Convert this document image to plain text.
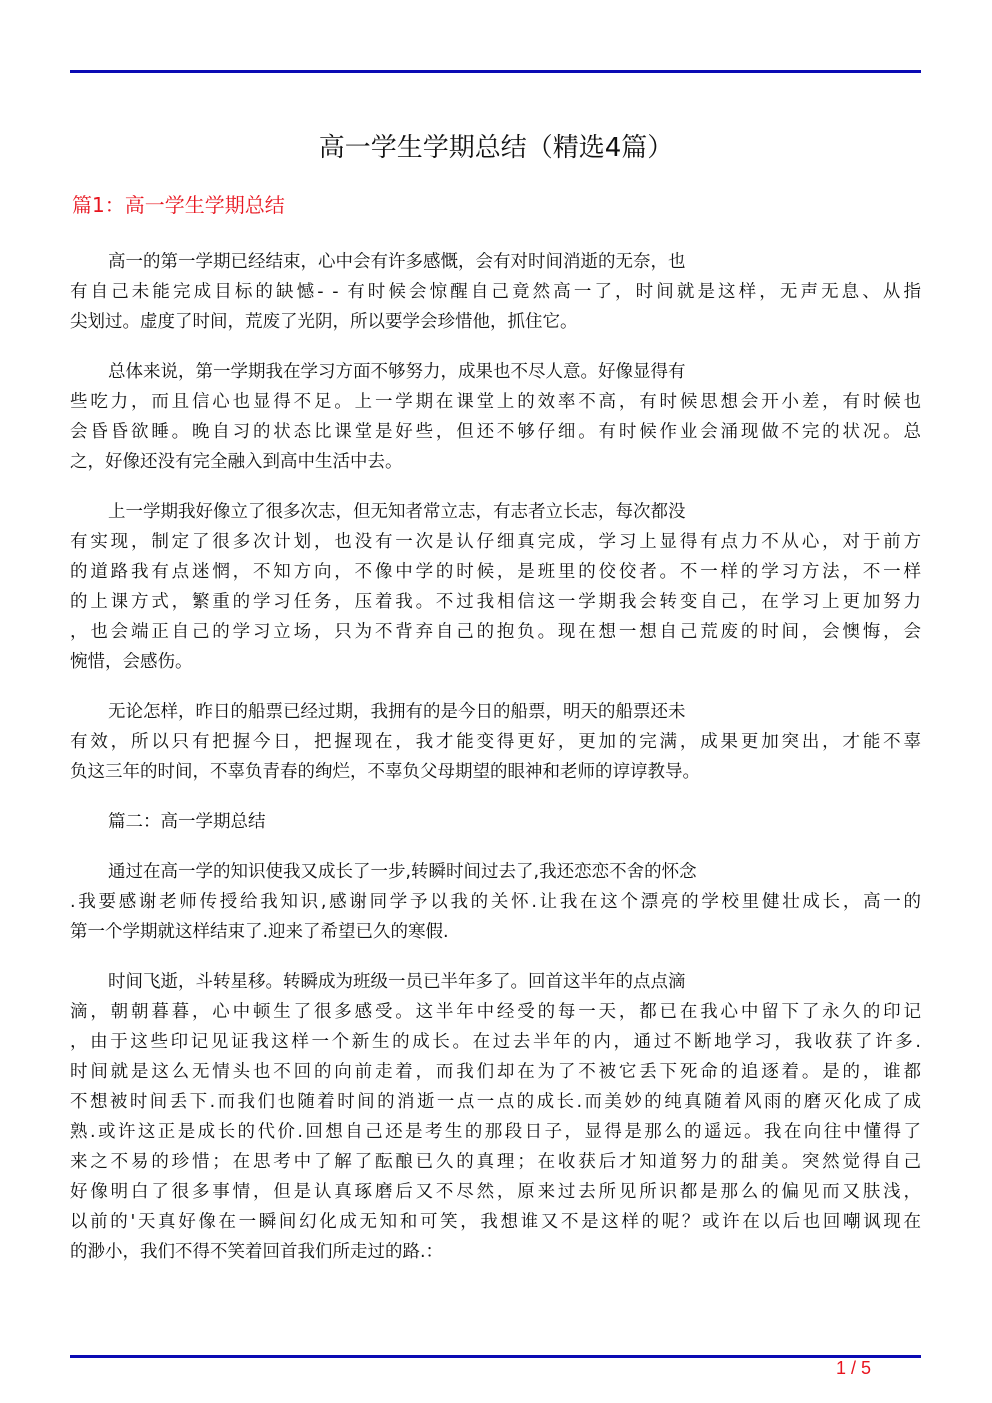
高一学生学期总结（精选4篇）
篇1：高一学生学期总结
高一的第一学期已经结束，心中会有许多感慨，会有对时间消逝的无奈，也
有自己未能完成目标的缺憾- - 有时候会惊醒自己竟然高一了，时间就是这样，无声无息、从指
尖划过。虚度了时间，荒废了光阴，所以要学会珍惜他，抓住它。
总体来说，第一学期我在学习方面不够努力，成果也不尽人意。好像显得有
些吃力，而且信心也显得不足。上一学期在课堂上的效率不高，有时候思想会开小差，有时候也
会昏昏欲睡。晚自习的状态比课堂是好些，但还不够仔细。有时候作业会涌现做不完的状况。总
之，好像还没有完全融入到高中生活中去。
上一学期我好像立了很多次志，但无知者常立志，有志者立长志，每次都没
有实现，制定了很多次计划，也没有一次是认仔细真完成，学习上显得有点力不从心，对于前方
的道路我有点迷惘，不知方向，不像中学的时候，是班里的佼佼者。不一样的学习方法，不一样
的上课方式，繁重的学习任务，压着我。不过我相信这一学期我会转变自己，在学习上更加努力
，也会端正自己的学习立场，只为不背弃自己的抱负。现在想一想自己荒废的时间，会懊悔，会
惋惜，会感伤。
无论怎样，昨日的船票已经过期，我拥有的是今日的船票，明天的船票还未
有效，所以只有把握今日，把握现在，我才能变得更好，更加的完满，成果更加突出，才能不辜
负这三年的时间，不辜负青春的绚烂，不辜负父母期望的眼神和老师的谆谆教导。
篇二：高一学期总结
通过在高一学的知识使我又成长了一步,转瞬时间过去了,我还恋恋不舍的怀念
.我要感谢老师传授给我知识,感谢同学予以我的关怀.让我在这个漂亮的学校里健壮成长，高一的
第一个学期就这样结束了.迎来了希望已久的寒假.
时间飞逝，斗转星移。转瞬成为班级一员已半年多了。回首这半年的点点滴
滴，朝朝暮暮，心中顿生了很多感受。这半年中经受的每一天，都已在我心中留下了永久的印记
，由于这些印记见证我这样一个新生的成长。在过去半年的内，通过不断地学习，我收获了许多.
时间就是这么无情头也不回的向前走着，而我们却在为了不被它丢下死命的追逐着。是的，谁都
不想被时间丢下.而我们也随着时间的消逝一点一点的成长.而美妙的纯真随着风雨的磨灭化成了成
熟.或许这正是成长的代价.回想自己还是考生的那段日子，显得是那么的遥远。我在向往中懂得了
来之不易的珍惜；在思考中了解了酝酿已久的真理；在收获后才知道努力的甜美。突然觉得自己
好像明白了很多事情，但是认真琢磨后又不尽然，原来过去所见所识都是那么的偏见而又肤浅，
以前的'天真好像在一瞬间幻化成无知和可笑，我想谁又不是这样的呢？或许在以后也回嘲讽现在
的渺小，我们不得不笑着回首我们所走过的路.：
1 / 5
